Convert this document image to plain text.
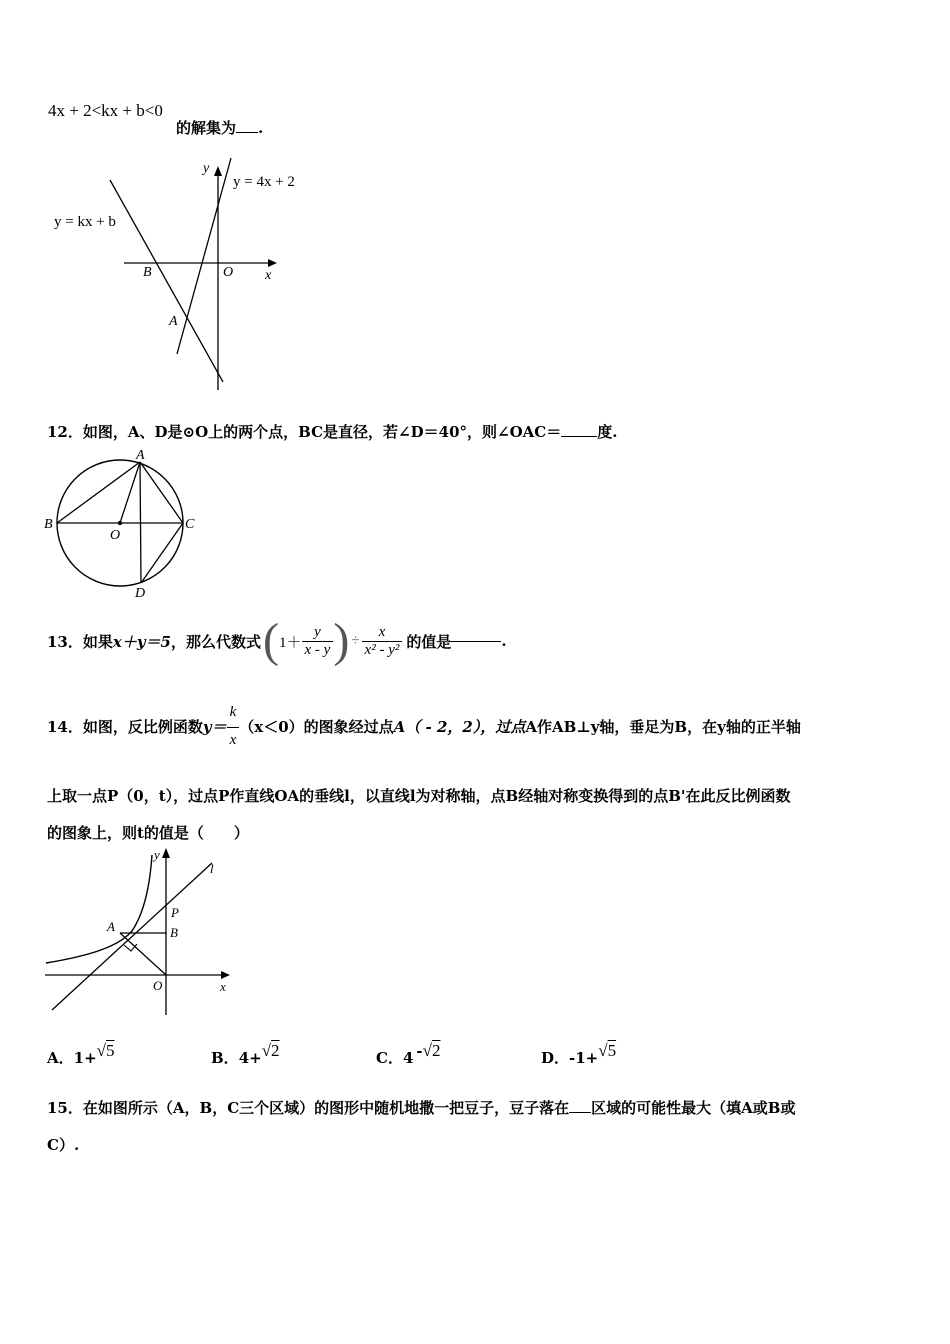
4x + 2<kx + b<0
的解集为 .
y
x
y = 4x + 2
y = kx + b
B	O
A
12．如图，A、D是⊙O上的两个点，BC是直径，若∠D＝40°，则∠OAC＝ 度.
A
B	C
D
O
13． 如果 x＋y＝5 ，那么代数式 ( $1+ \frac{y}{x - y}$ ) ÷ $\frac{x}{\text{x² - y²}}$ 的值是	.
14． 如图，反比例函数 $y= \frac{k}{x} (x<0)$的图象经过点 A（ - 2，2），过点 A作AB⊥y轴，垂足为B，在y轴的正半轴
上取一点P（0，t），过点P作直线OA的垂线l，以直线l为对称轴，点B经轴对称变换得到的点B'在此反比例函数
的图象上，则t的值是（　　）
y
x
l
P
A	B
O
A．1+√5	B．4+√2	C．4 -√2	D．-1+√5
15．在如图所示（A，B，C三个区域）的图形中随机地撒一把豆子，豆子落在 区域的可能性最大（填A或B或
C）.
